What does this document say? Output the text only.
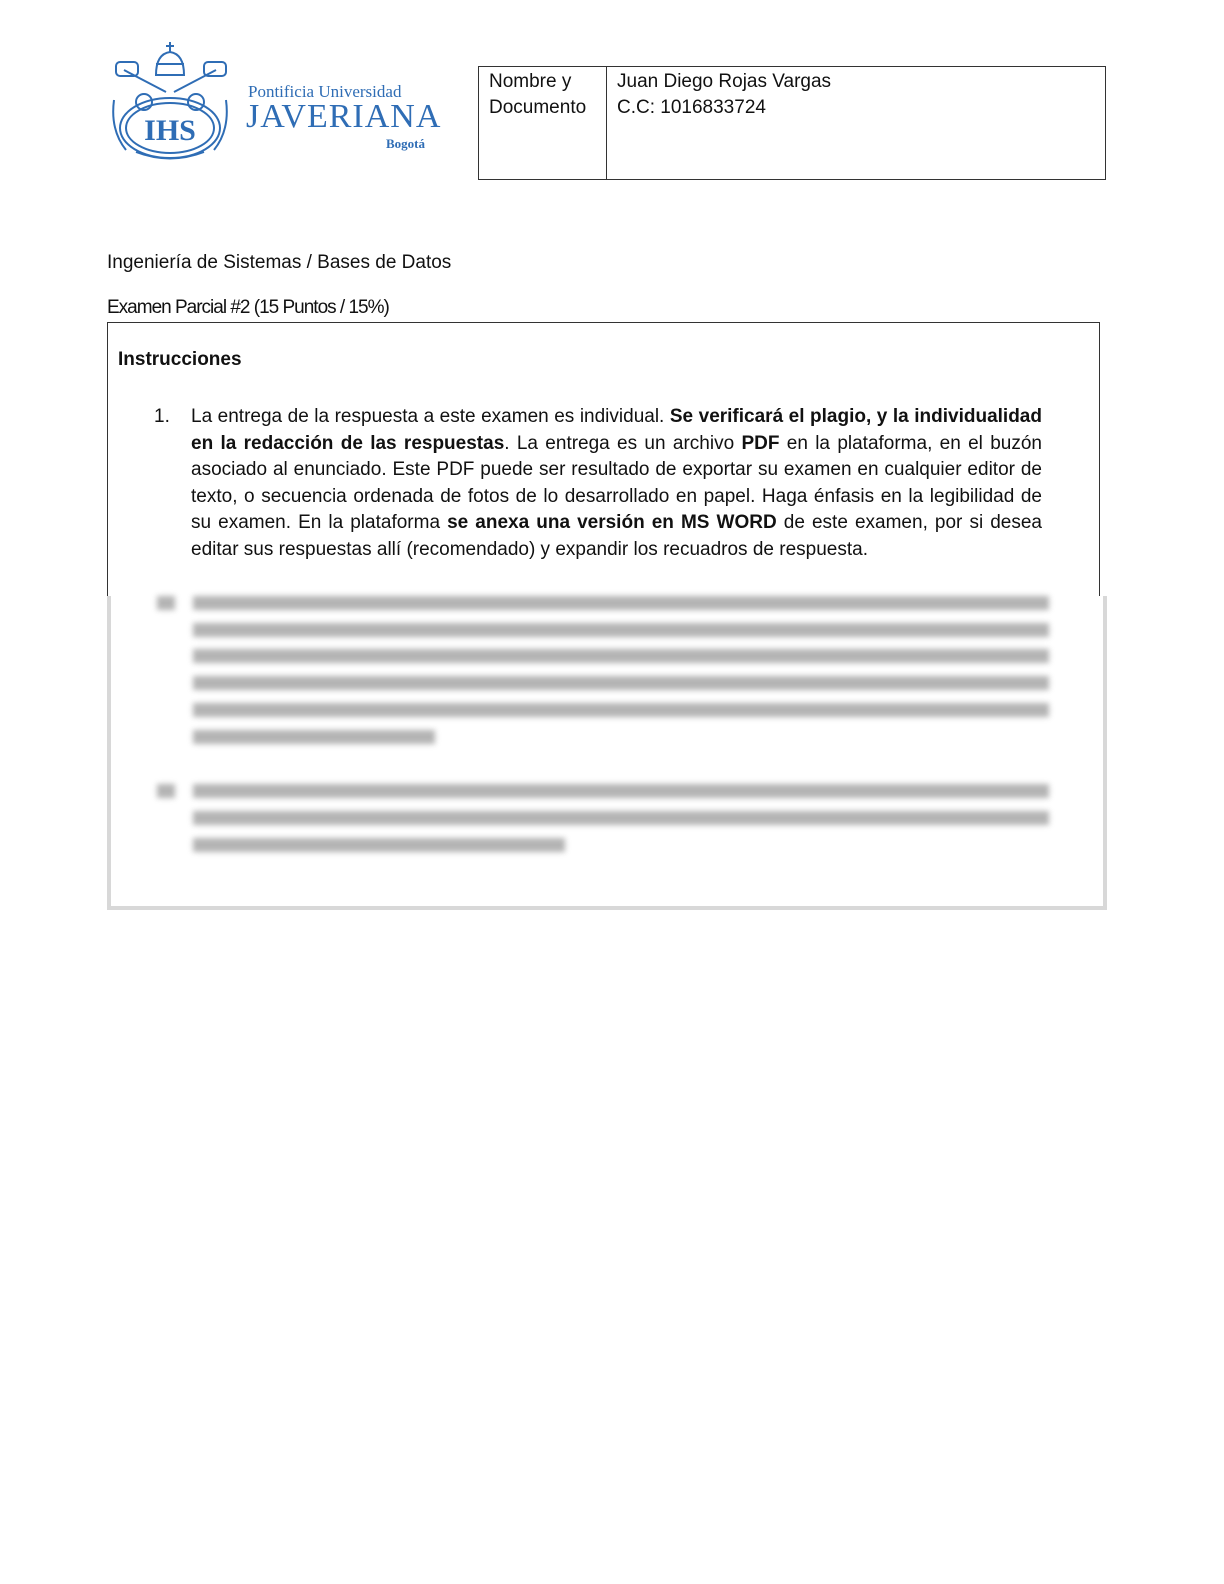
IHS
Pontificia Universidad
JAVERIANA
Bogotá
Nombre y
Documento
Juan Diego Rojas Vargas
C.C: 1016833724
Ingeniería de Sistemas / Bases de Datos
Examen Parcial #2 (15 Puntos / 15%)
Instrucciones
1. La entrega de la respuesta a este examen es individual. Se verificará el plagio, y la individualidad en la redacción de las respuestas. La entrega es un archivo PDF en la plataforma, en el buzón asociado al enunciado. Este PDF puede ser resultado de exportar su examen en cualquier editor de texto, o secuencia ordenada de fotos de lo desarrollado en papel. Haga énfasis en la legibilidad de su examen. En la plataforma se anexa una versión en MS WORD de este examen, por si desea editar sus respuestas allí (recomendado) y expandir los recuadros de respuesta.
